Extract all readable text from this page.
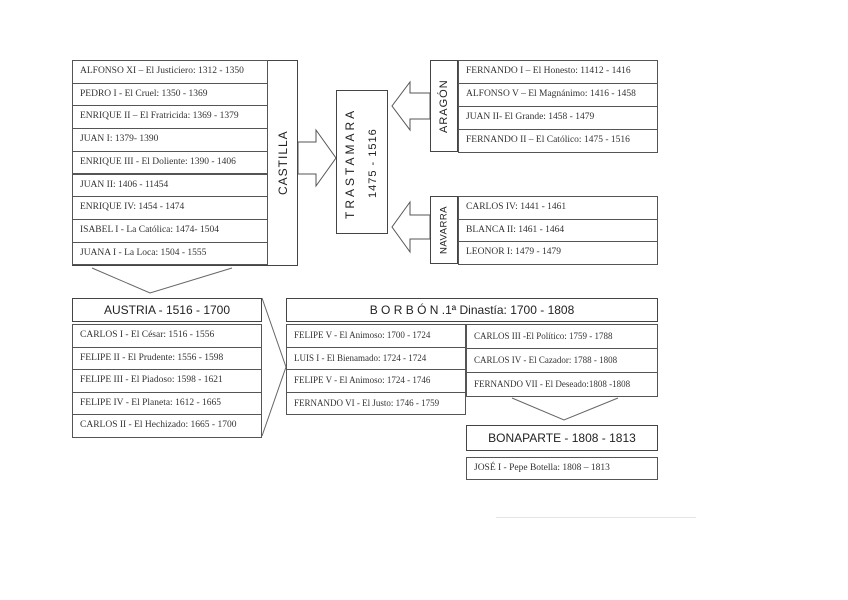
ALFONSO XI – El Justiciero: 1312 - 1350
PEDRO I - El Cruel: 1350 - 1369
ENRIQUE II – El Fratricida: 1369 - 1379
JUAN I: 1379- 1390
ENRIQUE III - El Doliente: 1390 - 1406
JUAN II: 1406 - 11454
ENRIQUE IV: 1454 - 1474
ISABEL I - La Católica: 1474- 1504
JUANA I - La Loca: 1504 - 1555
CASTILLA	TRASTAMARA 1475 - 1516
ARAGÓN
FERNANDO I – El Honesto: 11412 - 1416
ALFONSO V – El Magnánimo: 1416 - 1458
JUAN II- El Grande: 1458 - 1479
FERNANDO II – El Católico: 1475 - 1516
NAVARRA	CARLOS IV: 1441 - 1461
BLANCA II: 1461 - 1464
LEONOR I: 1479 - 1479
AUSTRIA - 1516 - 1700
CARLOS I - El César: 1516 - 1556
FELIPE II - El Prudente: 1556 - 1598
FELIPE III - El Piadoso: 1598 - 1621
FELIPE IV - El Planeta: 1612 - 1665
CARLOS II - El Hechizado: 1665 - 1700
B O R B Ó N .1ª Dinastía: 1700 - 1808
FELIPE V - El Animoso: 1700 - 1724
LUIS I - El Bienamado: 1724 - 1724
FELIPE V - El Animoso: 1724 - 1746
FERNANDO VI - El Justo: 1746 - 1759
CARLOS III -El Político: 1759 - 1788
CARLOS IV - El Cazador: 1788 - 1808
FERNANDO VII - El Deseado:1808 -1808
BONAPARTE - 1808 - 1813
JOSÉ I - Pepe Botella: 1808 – 1813
